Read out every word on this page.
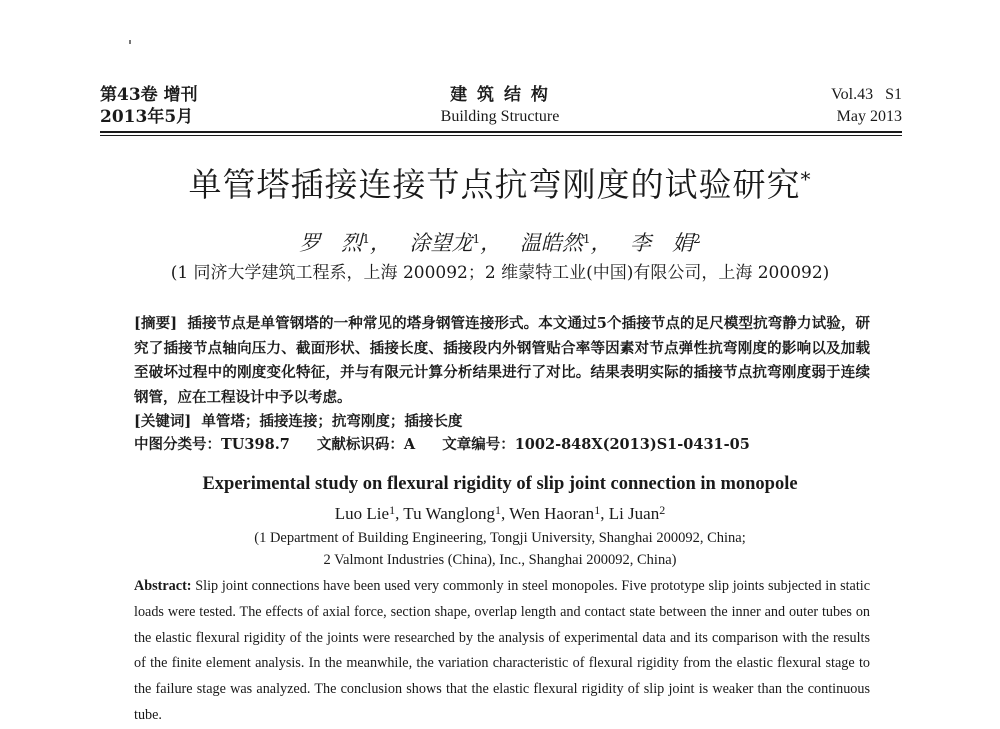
第43卷 增刊
2013年5月
建 筑 结 构
Building Structure
Vol.43   S1
May 2013
单管塔插接连接节点抗弯刚度的试验研究*
罗　烈$^1$， 涂望龙$^1$， 温皓然$^1$， 李　娟$^2$
(1 同济大学建筑工程系，上海 200092；2 维蒙特工业(中国)有限公司，上海 200092)
[摘要] 插接节点是单管钢塔的一种常见的塔身钢管连接形式。本文通过5个插接节点的足尺模型抗弯静力试验，研究了插接节点轴向压力、截面形状、插接长度、插接段内外钢管贴合率等因素对节点弹性抗弯刚度的影响以及加载至破坏过程中的刚度变化特征，并与有限元计算分析结果进行了对比。结果表明实际的插接节点抗弯刚度弱于连续钢管，应在工程设计中予以考虑。
[关键词] 单管塔；插接连接；抗弯刚度；插接长度
中图分类号：TU398.7 文献标识码：A 文章编号：1002-848X(2013)S1-0431-05
Experimental study on flexural rigidity of slip joint connection in monopole
Luo Lie$^1$, Tu Wanglong$^1$, Wen Haoran$^1$, Li Juan$^2$
(1 Department of Building Engineering, Tongji University, Shanghai 200092, China;
2 Valmont Industries (China), Inc., Shanghai 200092, China)
Abstract: Slip joint connections have been used very commonly in steel monopoles. Five prototype slip joints subjected in static loads were tested. The effects of axial force, section shape, overlap length and contact state between the inner and outer tubes on the elastic flexural rigidity of the joints were researched by the analysis of experimental data and its comparison with the results of the finite element analysis. In the meanwhile, the variation characteristic of flexural rigidity from the elastic flexural stage to the failure stage was analyzed. The conclusion shows that the elastic flexural rigidity of slip joint is weaker than the continuous tube.
